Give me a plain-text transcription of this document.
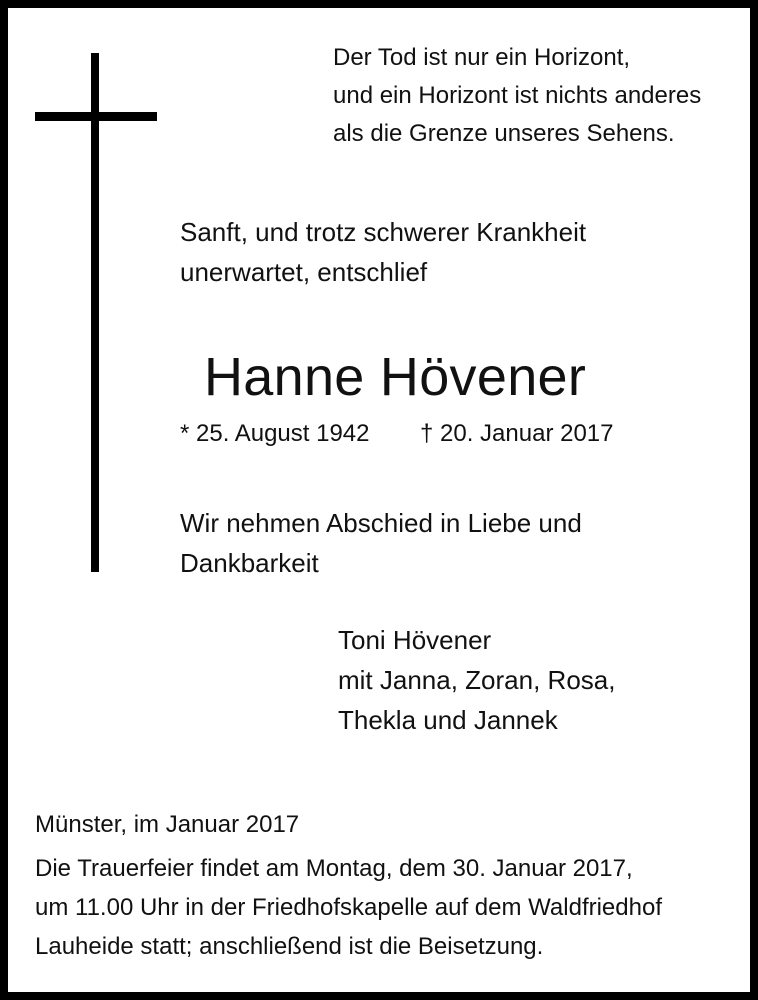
Der Tod ist nur ein Horizont,
und ein Horizont ist nichts anderes
als die Grenze unseres Sehens.
Sanft, und trotz schwerer Krankheit
unerwartet, entschlief
Hanne Hövener
* 25. August 1942 † 20. Januar 2017
Wir nehmen Abschied in Liebe und
Dankbarkeit
Toni Hövener
mit Janna, Zoran, Rosa,
Thekla und Jannek
Münster, im Januar 2017
Die Trauerfeier findet am Montag, dem 30. Januar 2017,
um 11.00 Uhr in der Friedhofskapelle auf dem Waldfriedhof
Lauheide statt; anschließend ist die Beisetzung.
